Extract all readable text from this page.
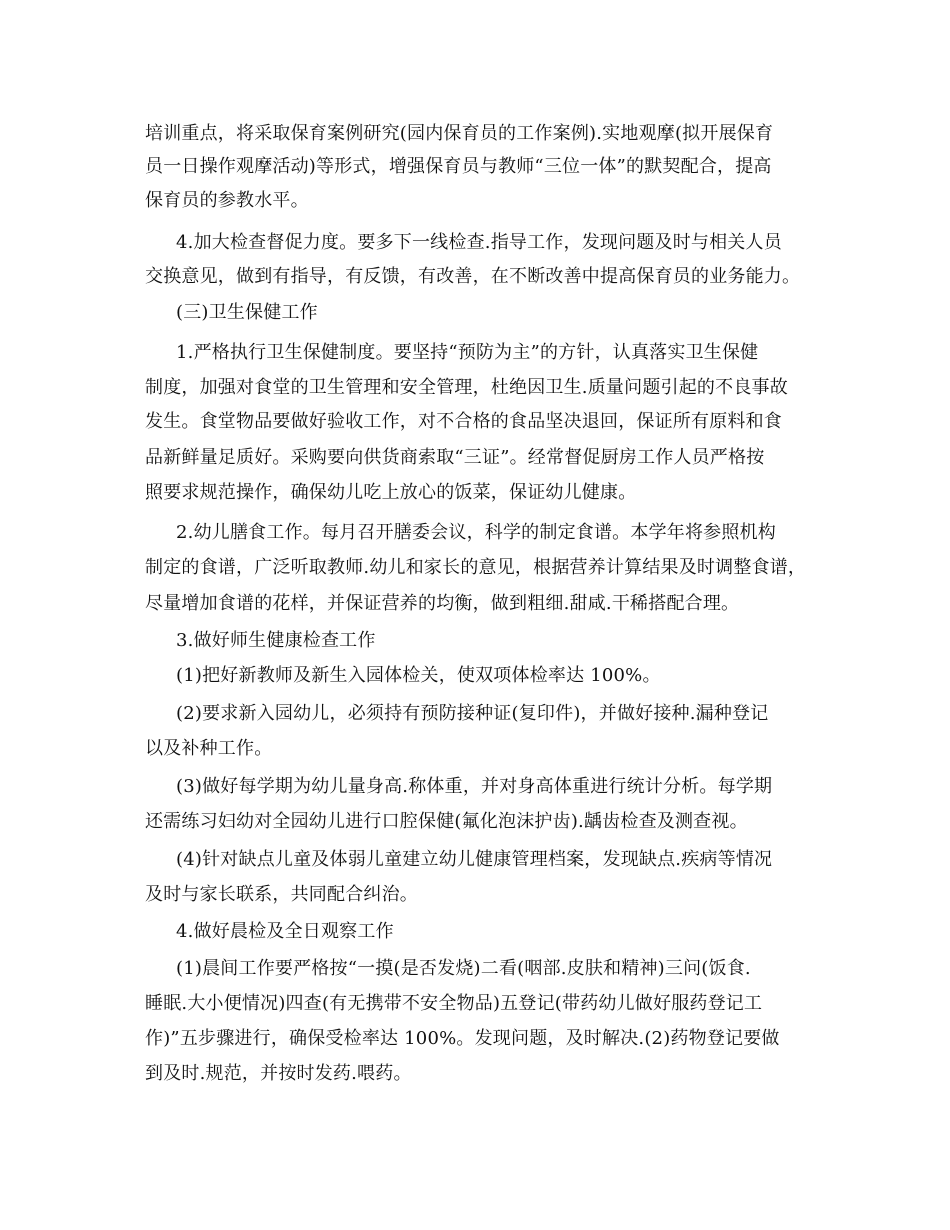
培训重点，将采取保育案例研究(园内保育员的工作案例).实地观摩(拟开展保育
员一日操作观摩活动)等形式，增强保育员与教师“三位一体”的默契配合，提高
保育员的参教水平。
4.加大检查督促力度。要多下一线检查.指导工作，发现问题及时与相关人员
交换意见，做到有指导，有反馈，有改善，在不断改善中提高保育员的业务能力。
(三)卫生保健工作
1.严格执行卫生保健制度。要坚持“预防为主”的方针，认真落实卫生保健
制度，加强对食堂的卫生管理和安全管理，杜绝因卫生.质量问题引起的不良事故
发生。食堂物品要做好验收工作，对不合格的食品坚决退回，保证所有原料和食
品新鲜量足质好。采购要向供货商索取“三证”。经常督促厨房工作人员严格按
照要求规范操作，确保幼儿吃上放心的饭菜，保证幼儿健康。
2.幼儿膳食工作。每月召开膳委会议，科学的制定食谱。本学年将参照机构
制定的食谱，广泛听取教师.幼儿和家长的意见，根据营养计算结果及时调整食谱，
尽量增加食谱的花样，并保证营养的均衡，做到粗细.甜咸.干稀搭配合理。
3.做好师生健康检查工作
(1)把好新教师及新生入园体检关，使双项体检率达 100%。
(2)要求新入园幼儿，必须持有预防接种证(复印件)，并做好接种.漏种登记
以及补种工作。
(3)做好每学期为幼儿量身高.称体重，并对身高体重进行统计分析。每学期
还需练习妇幼对全园幼儿进行口腔保健(氟化泡沫护齿).龋齿检查及测查视。
(4)针对缺点儿童及体弱儿童建立幼儿健康管理档案，发现缺点.疾病等情况
及时与家长联系，共同配合纠治。
4.做好晨检及全日观察工作
(1)晨间工作要严格按“一摸(是否发烧)二看(咽部.皮肤和精神)三问(饭食.
睡眠.大小便情况)四查(有无携带不安全物品)五登记(带药幼儿做好服药登记工
作)”五步骤进行，确保受检率达 100%。发现问题，及时解决.(2)药物登记要做
到及时.规范，并按时发药.喂药。
